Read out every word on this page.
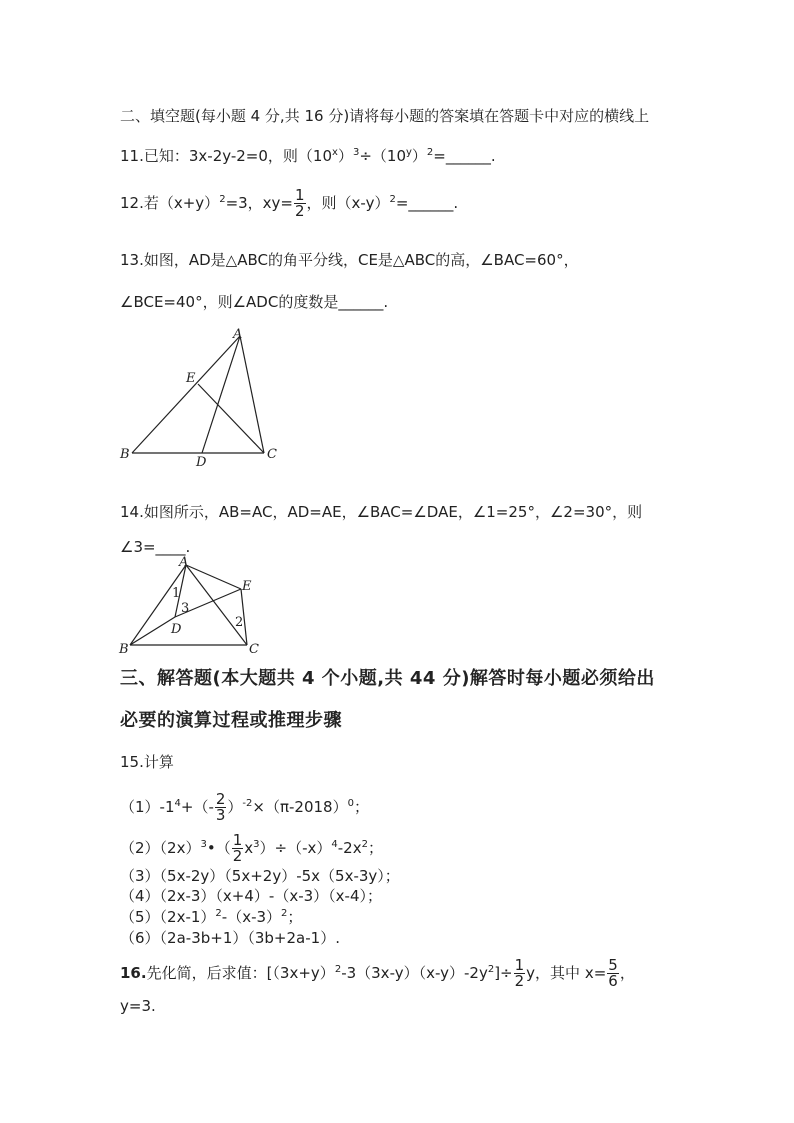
二、填空题(每小题 4 分,共 16 分)请将每小题的答案填在答题卡中对应的横线上
11.已知：3x-2y-2=0，则$(10^x)^3\div(10^y)^2=\_\_\_\_\_\_$.
12.若$(x+y)^2=3$，$xy= \frac{1}{2}$ ，则$(x-y)^2=\_\_\_\_\_\_$.
13.如图，AD是△ABC的角平分线，CE是△ABC的高，∠BAC=60°，
∠BCE=40°，则∠ADC的度数是______.
A
B	C
D
E
14.如图所示，AB=AC，AD=AE，∠BAC=∠DAE，∠1=25°，∠2=30°，则
∠3=____.
A
B	C
D
E
1
2
3
三、解答题(本大题共 4 个小题,共 44 分)解答时每小题必须给出
必要的演算过程或推理步骤
15.计算
$(1)-1^4+(- \frac{2}{3} )^{-2}\times(\pi-2018)^0$；
$(2)(2x)^3•( \frac{1}{2} x^3)\div(-x)^4-2x^2$；
（3）（5x-2y）（5x+2y）-5x（5x-3y）；
（4）（2x-3）（x+4）-（x-3）（x-4）；
$(5)(2x-1)^2-(x-3)^2$；
（6）（2a-3b+1）（3b+2a-1）.
16.先化简，后求值：$[(3x+y)^2-3(3x-y)(x-y)-2y^2]\div \frac{1}{2}$ y，其中 $x= \frac{5}{6}$ ，
y=3.
